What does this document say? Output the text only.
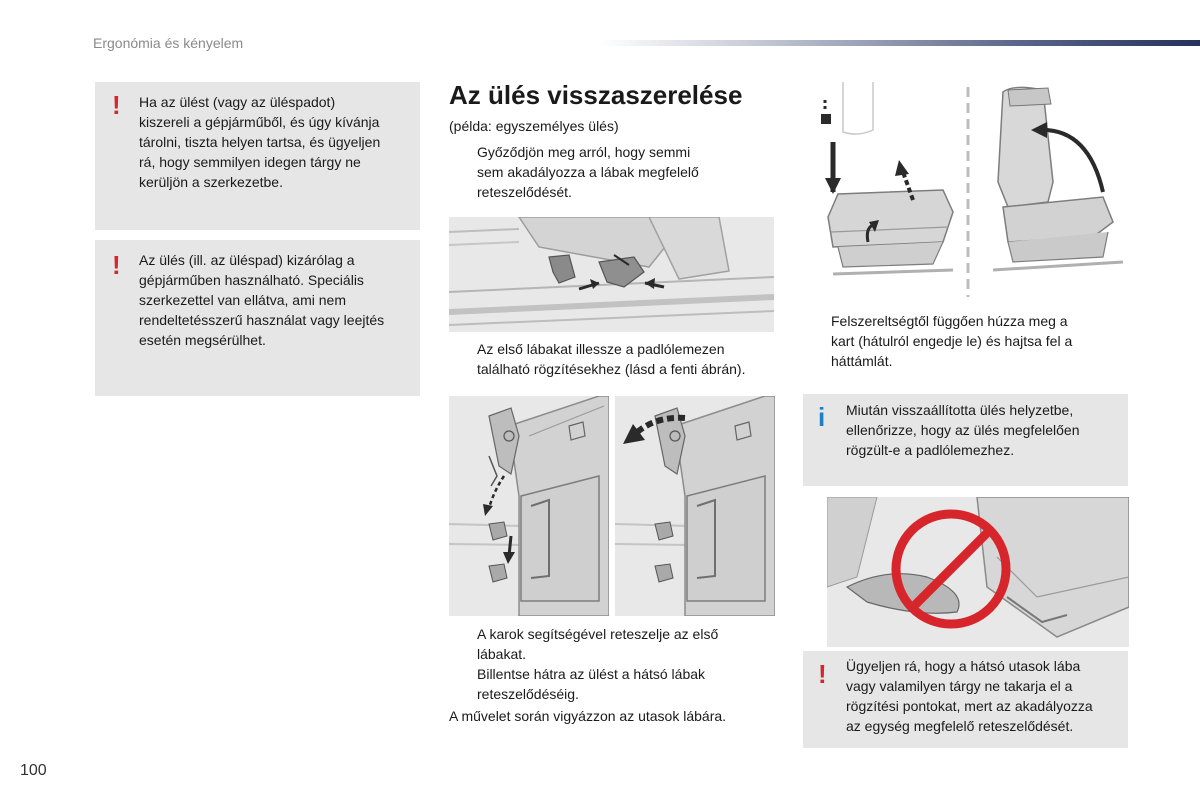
Ergonómia és kényelem
! Ha az ülést (vagy az üléspadot)
kiszereli a gépjárműből, és úgy kívánja
tárolni, tiszta helyen tartsa, és ügyeljen
rá, hogy semmilyen idegen tárgy ne
kerüljön a szerkezetbe.
! Az ülés (ill. az üléspad) kizárólag a
gépjárműben használható. Speciális
szerkezettel van ellátva, ami nem
rendeltetésszerű használat vagy leejtés
esetén megsérülhet.
Az ülés visszaszerelése
(példa: egyszemélyes ülés)
Győződjön meg arról, hogy semmi
sem akadályozza a lábak megfelelő
reteszelődését.
Az első lábakat illessze a padlólemezen
található rögzítésekhez (lásd a fenti ábrán).
A karok segítségével reteszelje az első
lábakat.
Billentse hátra az ülést a hátsó lábak
reteszelődéséig.
A művelet során vigyázzon az utasok lábára.
Felszereltségtől függően húzza meg a
kart (hátulról engedje le) és hajtsa fel a
háttámlát.
i Miután visszaállította ülés helyzetbe,
ellenőrizze, hogy az ülés megfelelően
rögzült-e a padlólemezhez.
! Ügyeljen rá, hogy a hátsó utasok lába
vagy valamilyen tárgy ne takarja el a
rögzítési pontokat, mert az akadályozza
az egység megfelelő reteszelődését.
100
